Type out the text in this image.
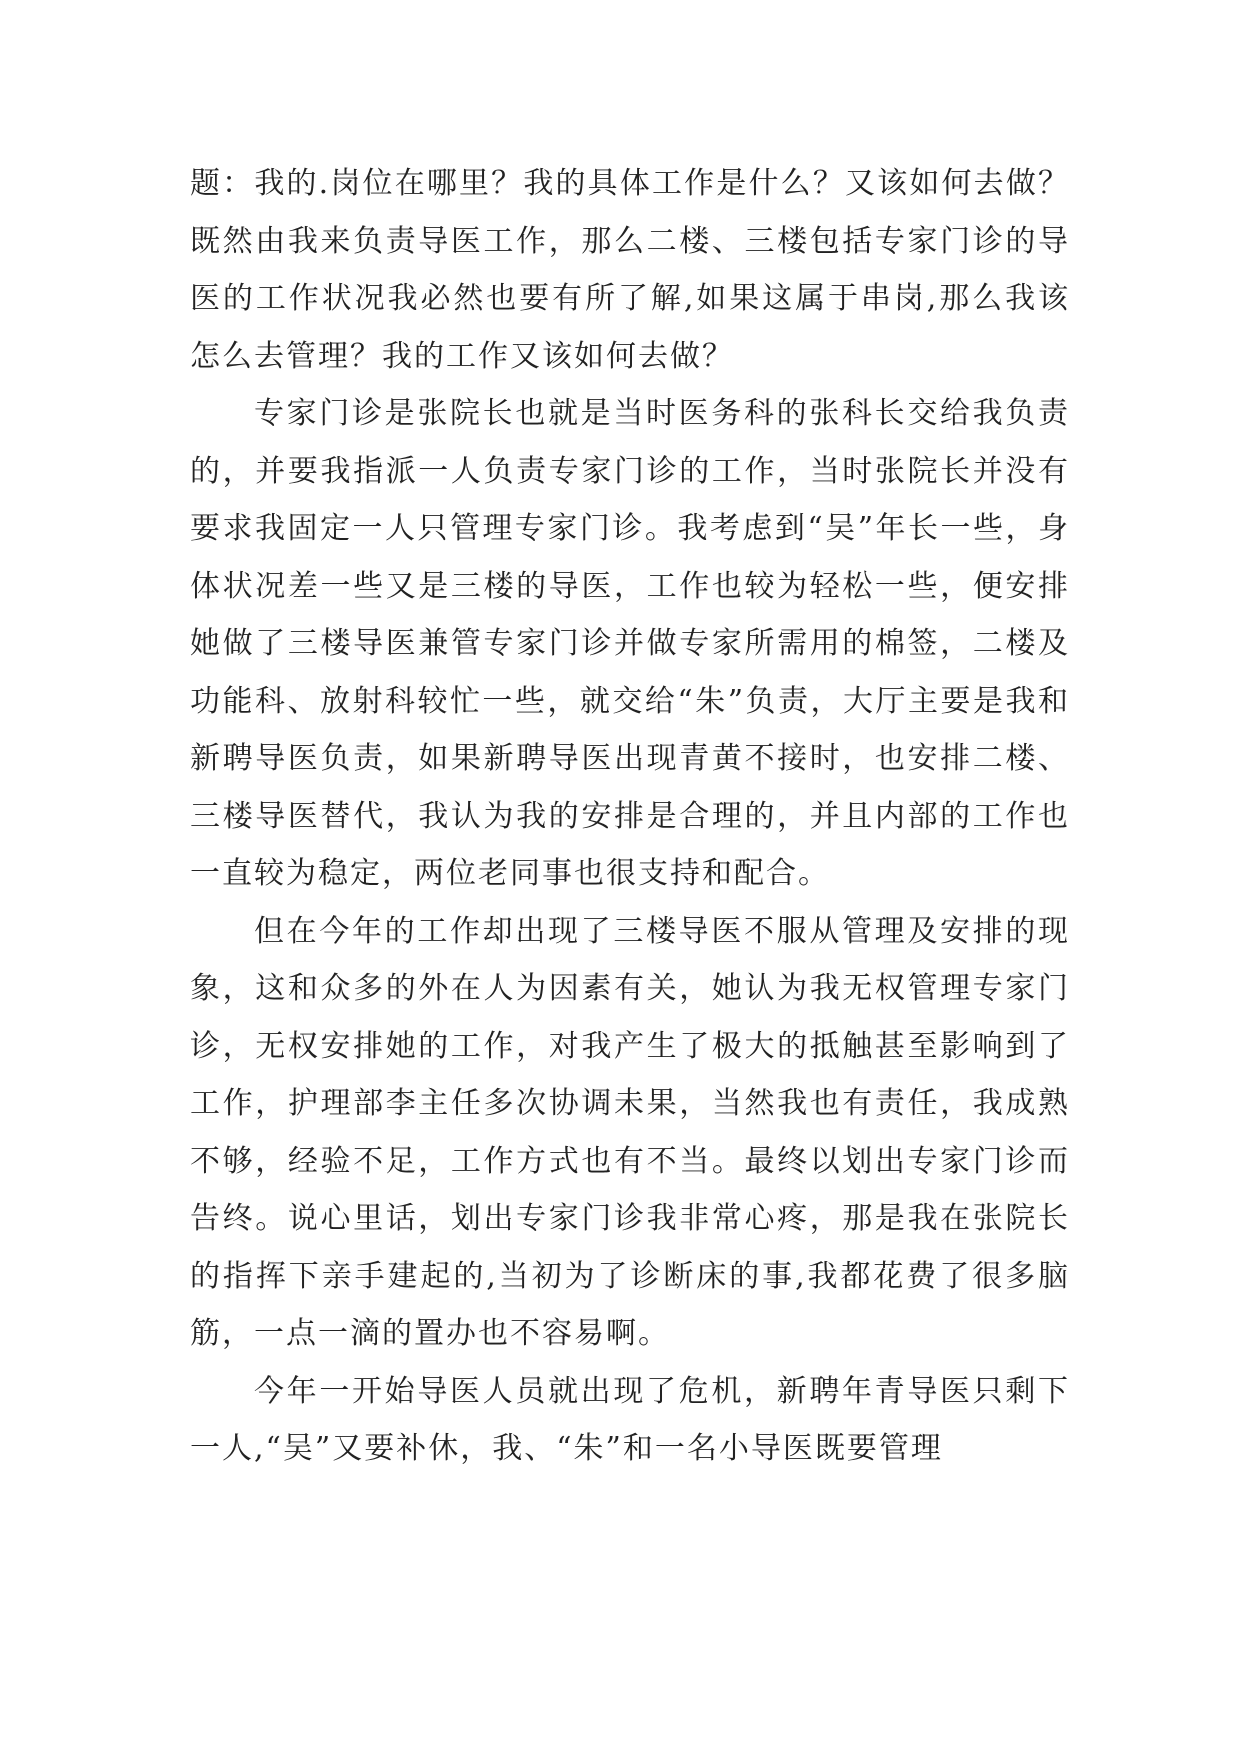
题：我的.岗位在哪里？我的具体工作是什么？又该如何去做？既然由我来负责导医工作，那么二楼、三楼包括专家门诊的导医的工作状况我必然也要有所了解,如果这属于串岗,那么我该怎么去管理？我的工作又该如何去做？

专家门诊是张院长也就是当时医务科的张科长交给我负责的，并要我指派一人负责专家门诊的工作，当时张院长并没有要求我固定一人只管理专家门诊。我考虑到“吴”年长一些，身体状况差一些又是三楼的导医，工作也较为轻松一些，便安排她做了三楼导医兼管专家门诊并做专家所需用的棉签，二楼及功能科、放射科较忙一些，就交给“朱”负责，大厅主要是我和新聘导医负责，如果新聘导医出现青黄不接时，也安排二楼、三楼导医替代，我认为我的安排是合理的，并且内部的工作也一直较为稳定，两位老同事也很支持和配合。

但在今年的工作却出现了三楼导医不服从管理及安排的现象，这和众多的外在人为因素有关，她认为我无权管理专家门诊，无权安排她的工作，对我产生了极大的抵触甚至影响到了工作，护理部李主任多次协调未果，当然我也有责任，我成熟不够，经验不足，工作方式也有不当。最终以划出专家门诊而告终。说心里话，划出专家门诊我非常心疼，那是我在张院长的指挥下亲手建起的,当初为了诊断床的事,我都花费了很多脑筋，一点一滴的置办也不容易啊。

今年一开始导医人员就出现了危机，新聘年青导医只剩下一人,“吴”又要补休，我、“朱”和一名小导医既要管理
